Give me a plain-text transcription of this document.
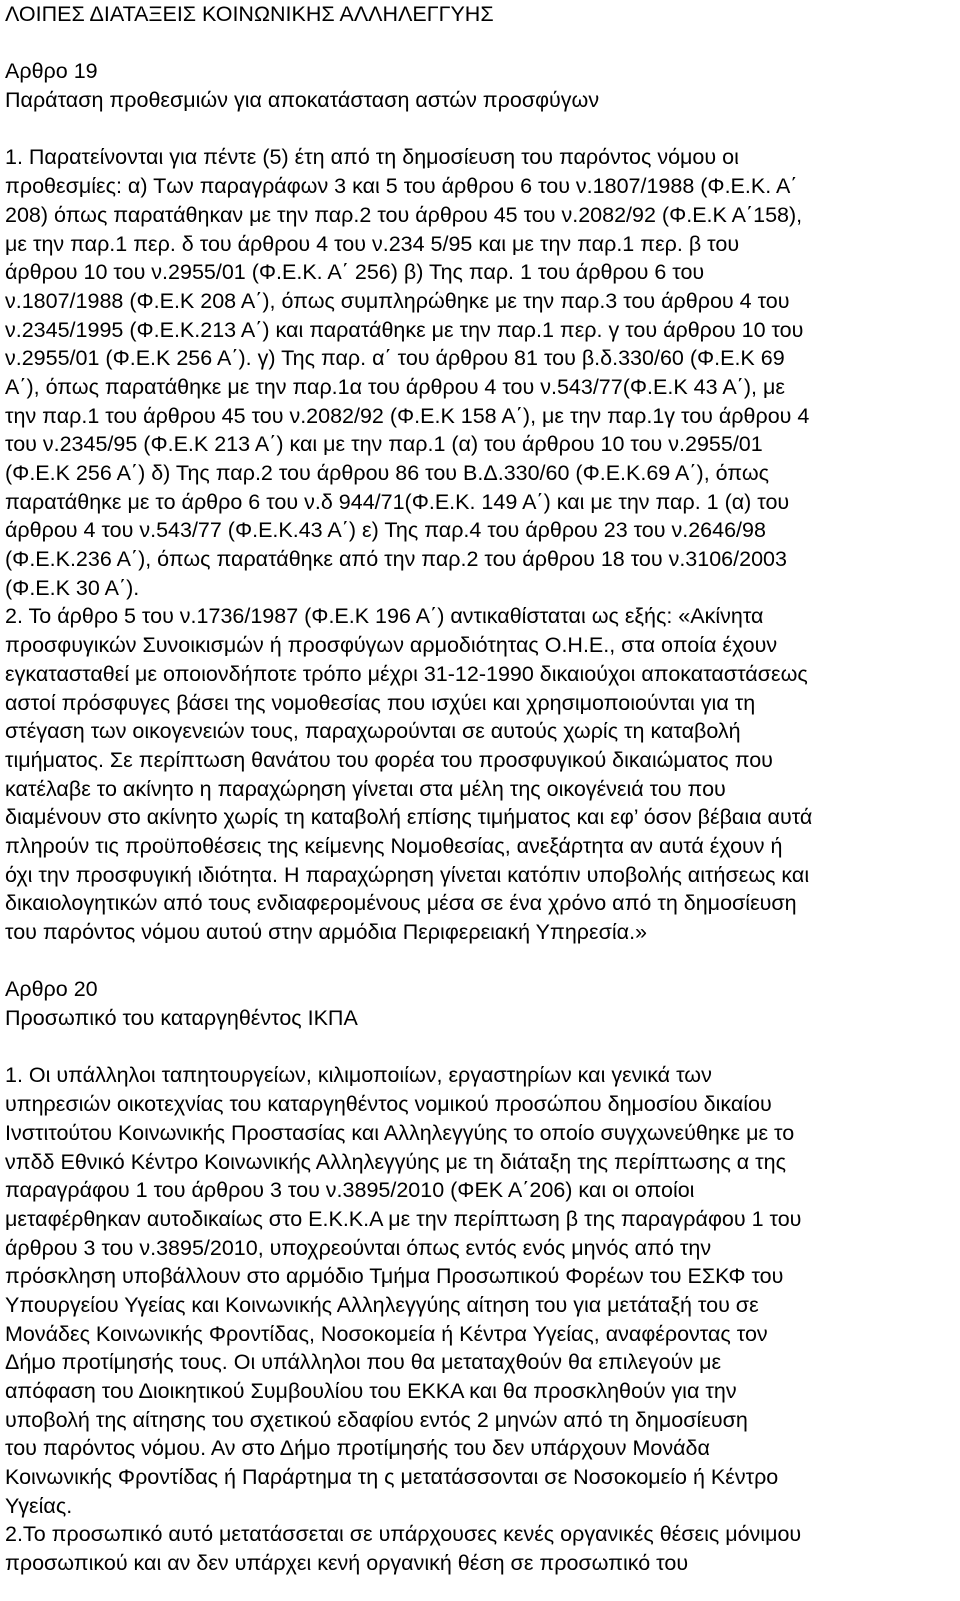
ΛΟΙΠΕΣ ΔΙΑΤΑΞΕΙΣ ΚΟΙΝΩΝΙΚΗΣ ΑΛΛΗΛΕΓΓΥΗΣ
Αρθρο 19
Παράταση προθεσμιών για αποκατάσταση αστών προσφύγων
1. Παρατείνονται για πέντε (5) έτη από τη δημοσίευση του παρόντος νόμου οι
προθεσμίες: α) Των παραγράφων 3 και 5 του άρθρου 6 του ν.1807/1988 (Φ.Ε.Κ. Α΄
208) όπως παρατάθηκαν με την παρ.2 του άρθρου 45 του ν.2082/92 (Φ.Ε.Κ Α΄158),
με την παρ.1 περ. δ του άρθρου 4 του ν.234 5/95 και με την παρ.1 περ. β του
άρθρου 10 του ν.2955/01 (Φ.Ε.Κ. Α΄ 256) β) Της παρ. 1 του άρθρου 6 του
ν.1807/1988 (Φ.Ε.Κ 208 Α΄), όπως συμπληρώθηκε με την παρ.3 του άρθρου 4 του
ν.2345/1995 (Φ.Ε.Κ.213 Α΄) και παρατάθηκε με την παρ.1 περ. γ του άρθρου 10 του
ν.2955/01 (Φ.Ε.Κ 256 Α΄). γ) Της παρ. α΄ του άρθρου 81 του β.δ.330/60 (Φ.Ε.Κ 69
Α΄), όπως παρατάθηκε με την παρ.1α του άρθρου 4 του ν.543/77(Φ.Ε.Κ 43 Α΄), με
την παρ.1 του άρθρου 45 του ν.2082/92 (Φ.Ε.Κ 158 Α΄), με την παρ.1γ του άρθρου 4
του ν.2345/95 (Φ.Ε.Κ 213 Α΄) και με την παρ.1 (α) του άρθρου 10 του ν.2955/01
(Φ.Ε.Κ 256 Α΄) δ) Της παρ.2 του άρθρου 86 του Β.Δ.330/60 (Φ.Ε.Κ.69 Α΄), όπως
παρατάθηκε με το άρθρο 6 του ν.δ 944/71(Φ.Ε.Κ. 149 Α΄) και με την παρ. 1 (α) του
άρθρου 4 του ν.543/77 (Φ.Ε.Κ.43 Α΄) ε) Της παρ.4 του άρθρου 23 του ν.2646/98
(Φ.Ε.Κ.236 Α΄), όπως παρατάθηκε από την παρ.2 του άρθρου 18 του ν.3106/2003
(Φ.Ε.Κ 30 Α΄).
2. Το άρθρο 5 του ν.1736/1987 (Φ.Ε.Κ 196 Α΄) αντικαθίσταται ως εξής: «Ακίνητα
προσφυγικών Συνοικισμών ή προσφύγων αρμοδιότητας Ο.Η.Ε., στα οποία έχουν
εγκατασταθεί με οποιονδήποτε τρόπο μέχρι 31-12-1990 δικαιούχοι αποκαταστάσεως
αστοί πρόσφυγες βάσει της νομοθεσίας που ισχύει και χρησιμοποιούνται για τη
στέγαση των οικογενειών τους, παραχωρούνται σε αυτούς χωρίς τη καταβολή
τιμήματος. Σε περίπτωση θανάτου του φορέα του προσφυγικού δικαιώματος που
κατέλαβε το ακίνητο η παραχώρηση γίνεται στα μέλη της οικογένειά του που
διαμένουν στο ακίνητο χωρίς τη καταβολή επίσης τιμήματος και εφ’ όσον βέβαια αυτά
πληρούν τις προϋποθέσεις της κείμενης Νομοθεσίας, ανεξάρτητα αν αυτά έχουν ή
όχι την προσφυγική ιδιότητα. Η παραχώρηση γίνεται κατόπιν υποβολής αιτήσεως και
δικαιολογητικών από τους ενδιαφερομένους μέσα σε ένα χρόνο από τη δημοσίευση
του παρόντος νόμου αυτού στην αρμόδια Περιφερειακή Υπηρεσία.»
Αρθρο 20
Προσωπικό του καταργηθέντος ΙΚΠΑ
1. Οι υπάλληλοι ταπητουργείων, κιλιμοποιίων, εργαστηρίων και γενικά των
υπηρεσιών οικοτεχνίας του καταργηθέντος νομικού προσώπου δημοσίου δικαίου
Ινστιτούτου Κοινωνικής Προστασίας και Αλληλεγγύης το οποίο συγχωνεύθηκε με το
νπδδ Εθνικό Κέντρο Κοινωνικής Αλληλεγγύης με τη διάταξη της περίπτωσης α της
παραγράφου 1 του άρθρου 3 του ν.3895/2010 (ΦΕΚ Α΄206) και οι οποίοι
μεταφέρθηκαν αυτοδικαίως στο Ε.Κ.Κ.Α με την περίπτωση β της παραγράφου 1 του
άρθρου 3 του ν.3895/2010, υποχρεούνται όπως εντός ενός μηνός από την
πρόσκληση υποβάλλουν στο αρμόδιο Τμήμα Προσωπικού Φορέων του ΕΣΚΦ του
Υπουργείου Υγείας και Κοινωνικής Αλληλεγγύης αίτηση του για μετάταξή του σε
Μονάδες Κοινωνικής Φροντίδας, Νοσοκομεία ή Κέντρα Υγείας, αναφέροντας τον
Δήμο προτίμησής τους. Οι υπάλληλοι που θα μεταταχθούν θα επιλεγούν με
απόφαση του Διοικητικού Συμβουλίου του ΕΚΚΑ και θα προσκληθούν για την
υποβολή της αίτησης του σχετικού εδαφίου εντός 2 μηνών από τη δημοσίευση
του παρόντος νόμου. Αν στο Δήμο προτίμησής του δεν υπάρχουν Μονάδα
Κοινωνικής Φροντίδας ή Παράρτημα τη ς μετατάσσονται σε Νοσοκομείο ή Κέντρο
Υγείας.
2.Το προσωπικό αυτό μετατάσσεται σε υπάρχουσες κενές οργανικές θέσεις μόνιμου
προσωπικού και αν δεν υπάρχει κενή οργανική θέση σε προσωπικό του
